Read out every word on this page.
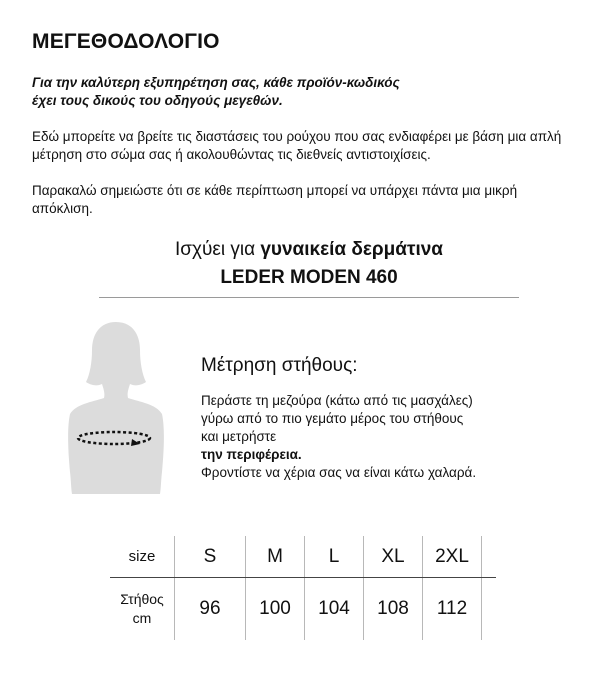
ΜΕΓΕΘΟΔΟΛΟΓΙΟ
Για την καλύτερη εξυπηρέτηση σας, κάθε προϊόν-κωδικός
έχει τους δικούς του οδηγούς μεγεθών.
Εδώ μπορείτε να βρείτε τις διαστάσεις του ρούχου που σας ενδιαφέρει με βάση μια απλή μέτρηση στο σώμα σας ή ακολουθώντας τις διεθνείς αντιστοιχίσεις.
Παρακαλώ σημειώστε ότι σε κάθε περίπτωση μπορεί να υπάρχει πάντα μια μικρή απόκλιση.
Ισχύει για γυναικεία δερμάτινα
LEDER MODEN 460
Μέτρηση στήθους:
Περάστε τη μεζούρα (κάτω από τις μασχάλες)
γύρω από το πιο γεμάτο μέρος του στήθους
και μετρήστε
την περιφέρεια.
Φροντίστε να χέρια σας να είναι κάτω χαλαρά.
size	S	M	L	XL	2XL	
Στήθος
cm	96	100	104	108	112	
